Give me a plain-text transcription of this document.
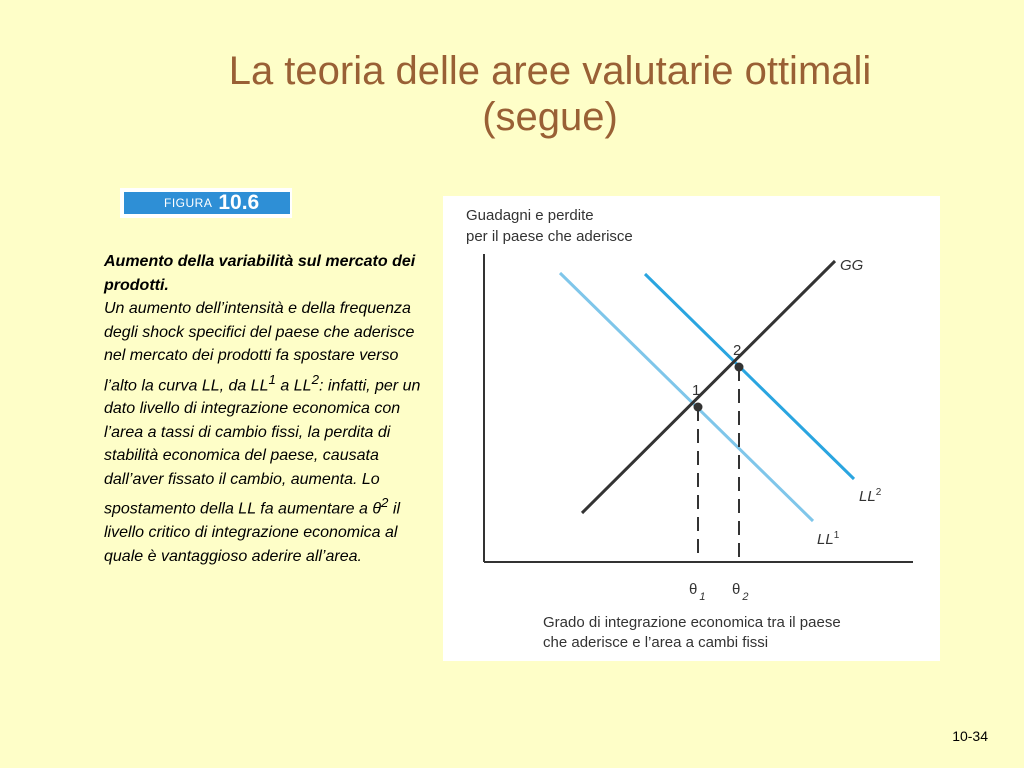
La teoria delle aree valutarie ottimali
(segue)
FIGURA 10.6
Aumento della variabilità sul mercato dei prodotti.
Un aumento dell’intensità e della frequenza degli shock specifici del paese che aderisce nel mercato dei prodotti fa spostare verso l’alto la curva LL, da $LL^1$ a $LL^2$: infatti, per un dato livello di integrazione economica con l’area a tassi di cambio fissi, la perdita di stabilità economica del paese, causata dall’aver fissato il cambio, aumenta. Lo spostamento della LL fa aumentare a $\theta^2$ il livello critico di integrazione economica al quale è vantaggioso aderire all’area.
Guadagni e perdite
per il paese che aderisce
1
2
GG
$LL^2$
$LL^1$
θ $_1$ θ $_2$
Grado di integrazione economica tra il paese
che aderisce e l’area a cambi fissi
10-34
